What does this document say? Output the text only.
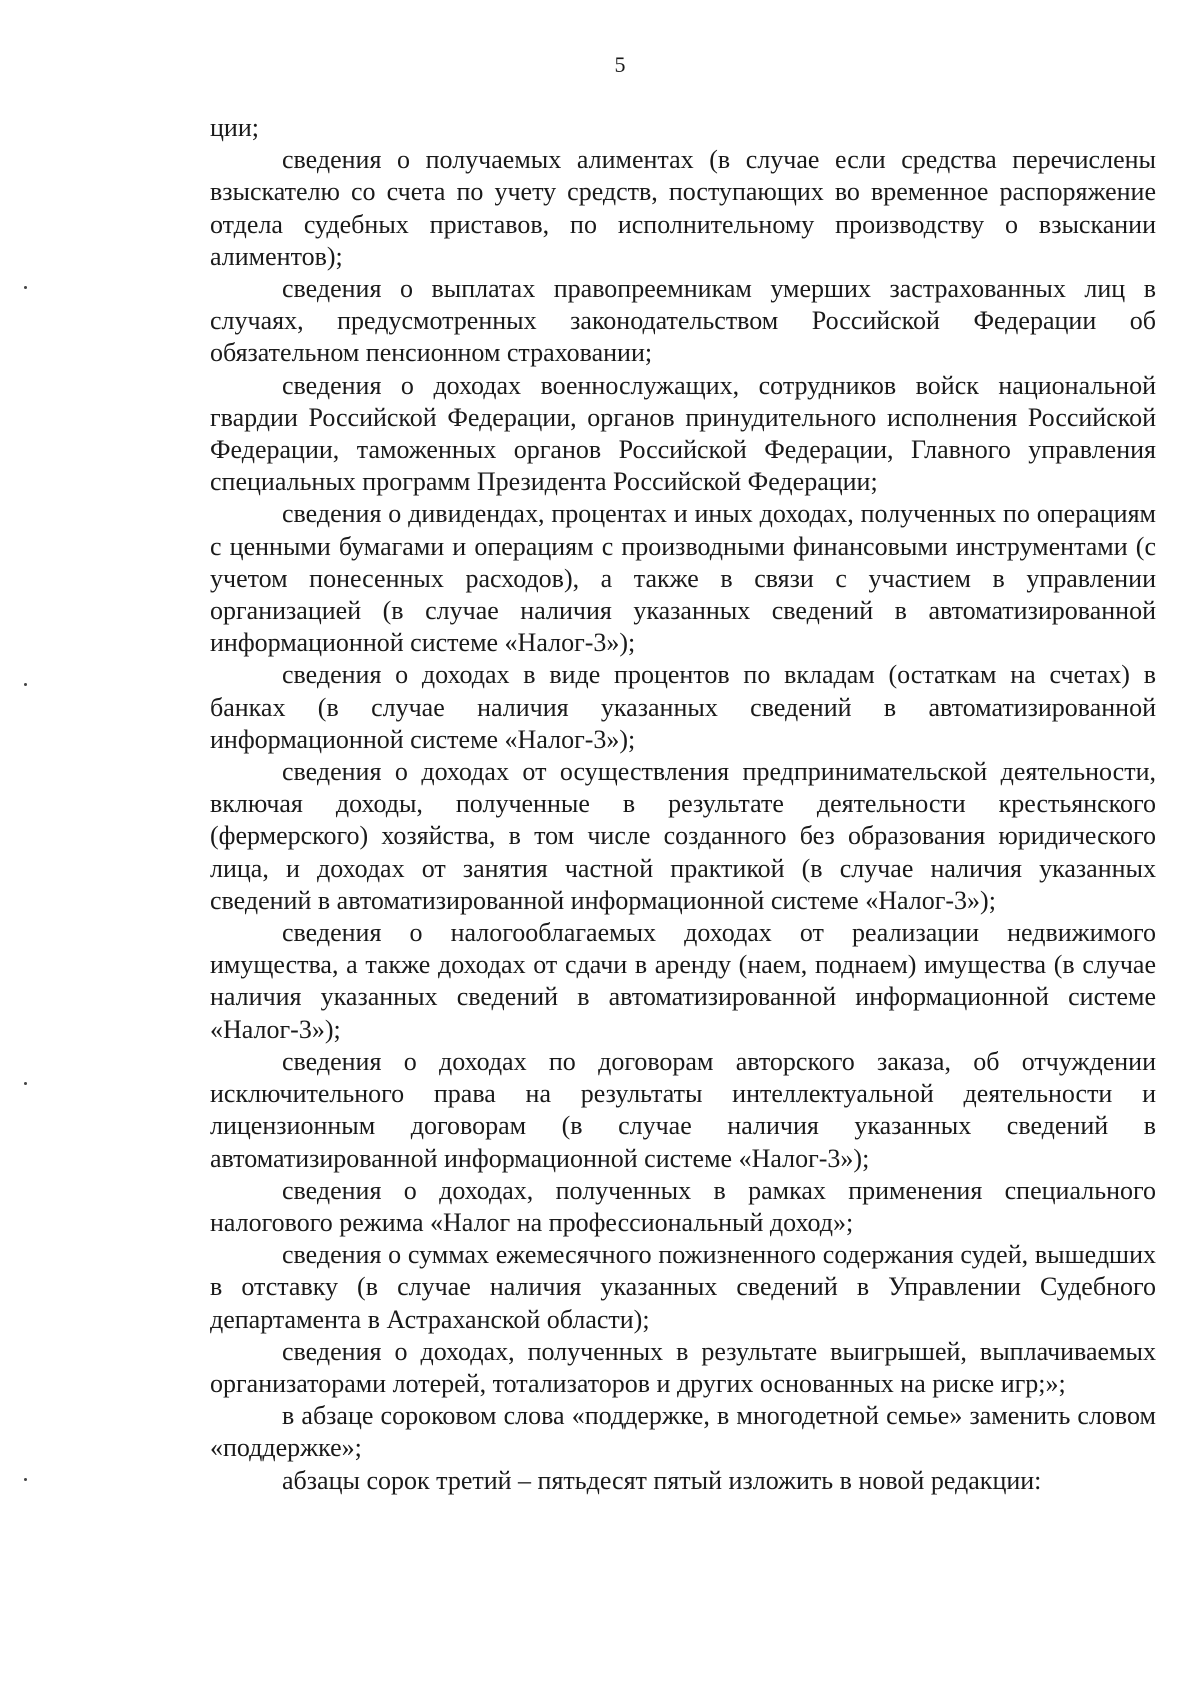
5

ции;

сведения о получаемых алиментах (в случае если средства перечислены взыскателю со счета по учету средств, поступающих во временное распоряжение отдела судебных приставов, по исполнительному производству о взыскании алиментов);

сведения о выплатах правопреемникам умерших застрахованных лиц в случаях, предусмотренных законодательством Российской Федерации об обязательном пенсионном страховании;

сведения о доходах военнослужащих, сотрудников войск национальной гвардии Российской Федерации, органов принудительного исполнения Российской Федерации, таможенных органов Российской Федерации, Главного управления специальных программ Президента Российской Федерации;

сведения о дивидендах, процентах и иных доходах, полученных по операциям с ценными бумагами и операциям с производными финансовыми инструментами (с учетом понесенных расходов), а также в связи с участием в управлении организацией (в случае наличия указанных сведений в автоматизированной информационной системе «Налог-3»);

сведения о доходах в виде процентов по вкладам (остаткам на счетах) в банках (в случае наличия указанных сведений в автоматизированной информационной системе «Налог-3»);

сведения о доходах от осуществления предпринимательской деятельности, включая доходы, полученные в результате деятельности крестьянского (фермерского) хозяйства, в том числе созданного без образования юридического лица, и доходах от занятия частной практикой (в случае наличия указанных сведений в автоматизированной информационной системе «Налог-3»);

сведения о налогооблагаемых доходах от реализации недвижимого имущества, а также доходах от сдачи в аренду (наем, поднаем) имущества (в случае наличия указанных сведений в автоматизированной информационной системе «Налог-3»);

сведения о доходах по договорам авторского заказа, об отчуждении исключительного права на результаты интеллектуальной деятельности и лицензионным договорам (в случае наличия указанных сведений в автоматизированной информационной системе «Налог-3»);

сведения о доходах, полученных в рамках применения специального налогового режима «Налог на профессиональный доход»;

сведения о суммах ежемесячного пожизненного содержания судей, вышедших в отставку (в случае наличия указанных сведений в Управлении Судебного департамента в Астраханской области);

сведения о доходах, полученных в результате выигрышей, выплачиваемых организаторами лотерей, тотализаторов и других основанных на риске игр;»;

в абзаце сороковом слова «поддержке, в многодетной семье» заменить словом «поддержке»;

абзацы сорок третий – пятьдесят пятый изложить в новой редакции:
